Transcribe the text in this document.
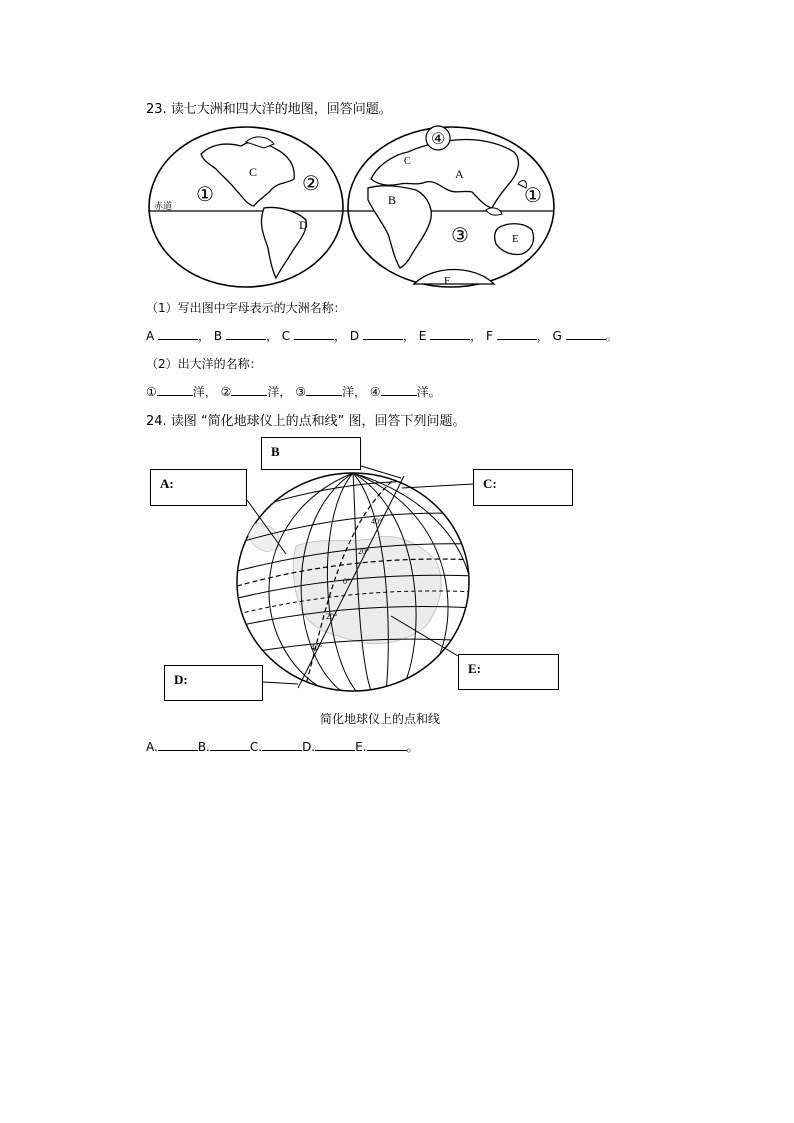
23. 读七大洲和四大洋的地图，回答问题。
赤道
C
D
C
A
B
E
F
①	②
④
①
③
（1）写出图中字母表示的大洲名称：
A	， B	， C	， D	， E	， F	， G	。
（2）出大洋的名称：
①	洋， ②	洋， ③	洋， ④	洋。
24. 读图 “简化地球仪上的点和线” 图，回答下列问题。
40°
20°
0°
20°
40°
B
A:	C:
D:
E:
简化地球仪上的点和线
A.	B.	C.	D.	E.	。
